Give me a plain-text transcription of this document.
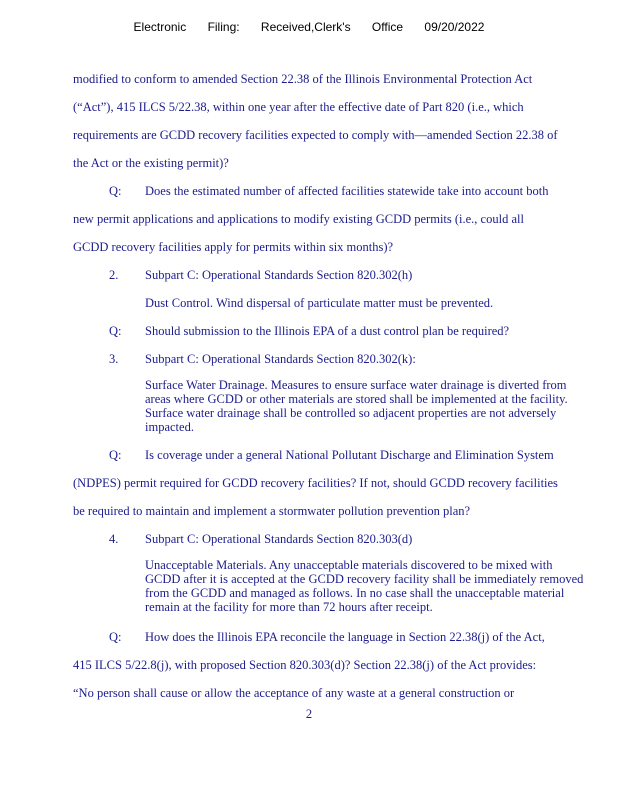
Electronic Filing: Received,Clerk's Office 09/20/2022
modified to conform to amended Section 22.38 of the Illinois Environmental Protection Act
(“Act”), 415 ILCS 5/22.38, within one year after the effective date of Part 820 (i.e., which
requirements are GCDD recovery facilities expected to comply with—amended Section 22.38 of
the Act or the existing permit)?
Q: Does the estimated number of affected facilities statewide take into account both
new permit applications and applications to modify existing GCDD permits (i.e., could all
GCDD recovery facilities apply for permits within six months)?
2. Subpart C: Operational Standards Section 820.302(h)
Dust Control. Wind dispersal of particulate matter must be prevented.
Q: Should submission to the Illinois EPA of a dust control plan be required?
3. Subpart C: Operational Standards Section 820.302(k):
Surface Water Drainage. Measures to ensure surface water drainage is diverted from areas where GCDD or other materials are stored shall be implemented at the facility. Surface water drainage shall be controlled so adjacent properties are not adversely impacted.
Q: Is coverage under a general National Pollutant Discharge and Elimination System
(NDPES) permit required for GCDD recovery facilities? If not, should GCDD recovery facilities
be required to maintain and implement a stormwater pollution prevention plan?
4. Subpart C: Operational Standards Section 820.303(d)
Unacceptable Materials. Any unacceptable materials discovered to be mixed with GCDD after it is accepted at the GCDD recovery facility shall be immediately removed from the GCDD and managed as follows. In no case shall the unacceptable material remain at the facility for more than 72 hours after receipt.
Q: How does the Illinois EPA reconcile the language in Section 22.38(j) of the Act,
415 ILCS 5/22.8(j), with proposed Section 820.303(d)? Section 22.38(j) of the Act provides:
“No person shall cause or allow the acceptance of any waste at a general construction or
2
